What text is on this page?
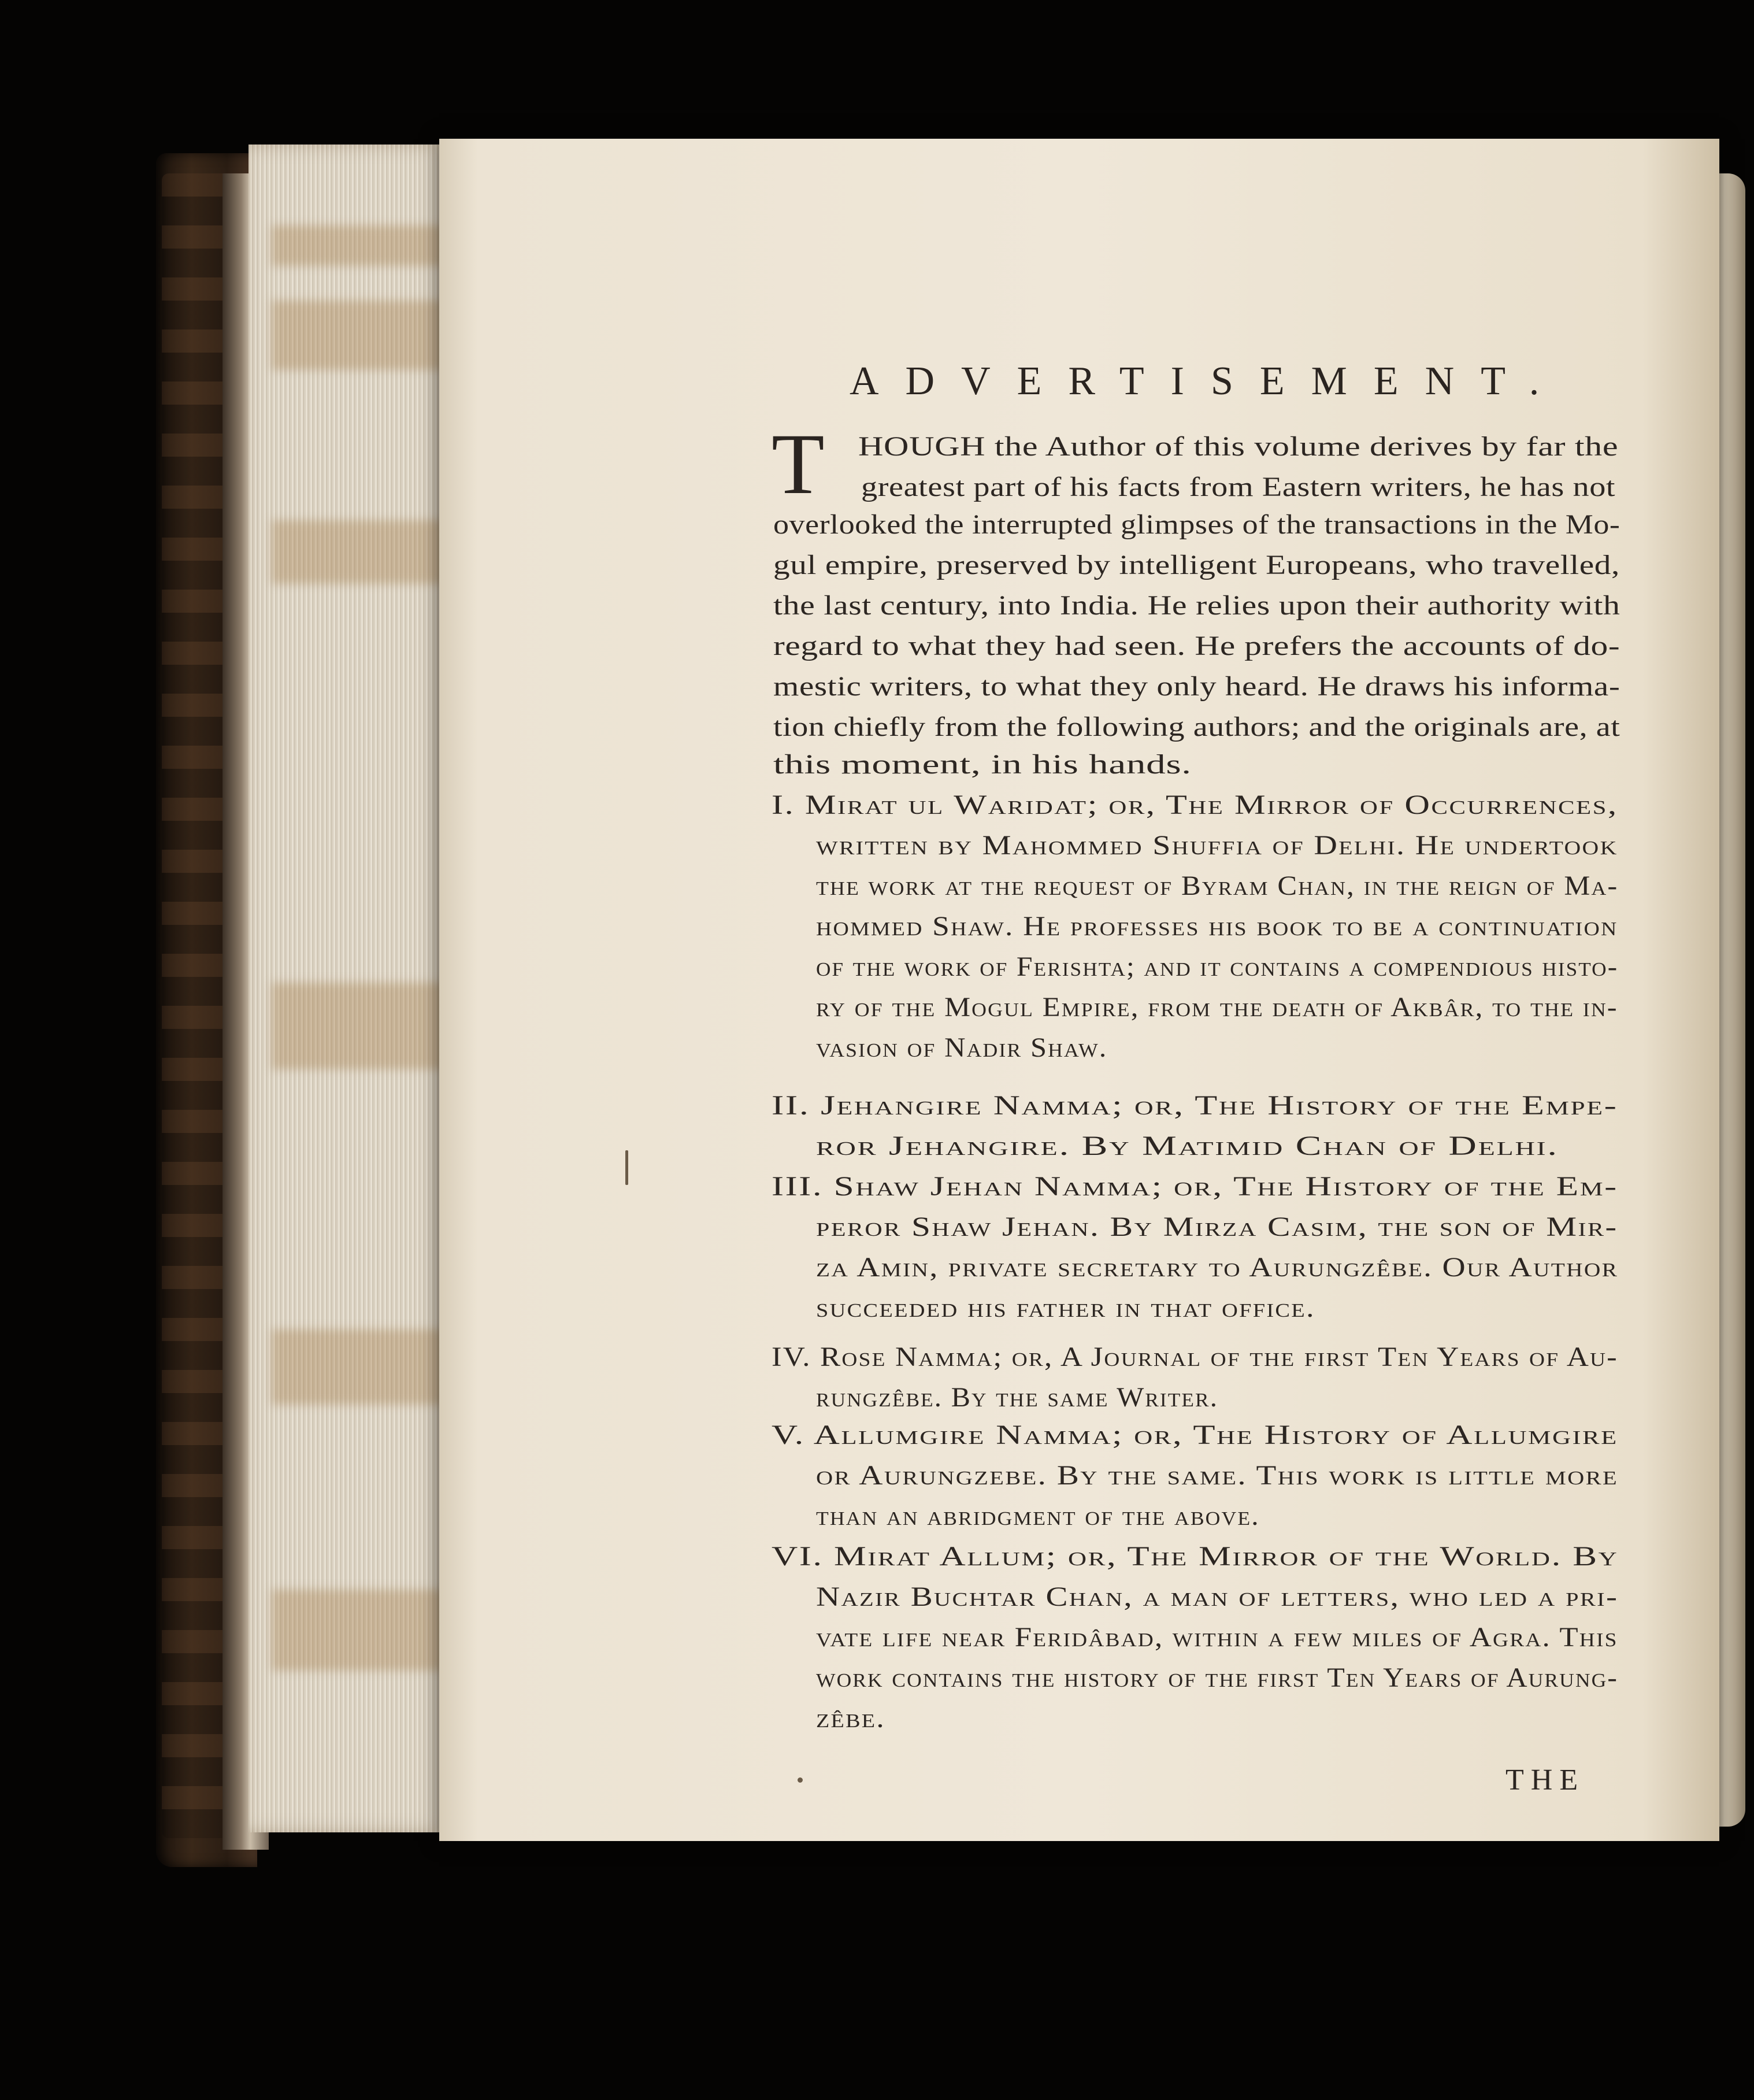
ADVERTISEMENT.
T HOUGH the Author of this volume derives by far the
greatest part of his facts from Eastern writers, he has not
overlooked the interrupted glimpses of the transactions in the Mo-
gul empire, preserved by intelligent Europeans, who travelled,
the last century, into India. He relies upon their authority with
regard to what they had seen. He prefers the accounts of do-
mestic writers, to what they only heard. He draws his informa-
tion chiefly from the following authors; and the originals are, at
this moment, in his hands.
I. Mirat ul Waridat; or, The Mirror of Occurrences,
written by Mahommed Shuffia of Delhi. He undertook
the work at the request of Byram Chan, in the reign of Ma-
hommed Shaw. He professes his book to be a continuation
of the work of Ferishta; and it contains a compendious histo-
ry of the Mogul Empire, from the death of Akbâr, to the in-
vasion of Nadir Shaw.
II. Jehangire Namma; or, The History of the Empe-
ror Jehangire. By Matimid Chan of Delhi.
III. Shaw Jehan Namma; or, The History of the Em-
peror Shaw Jehan. By Mirza Casim, the son of Mir-
za Amin, private secretary to Aurungzêbe. Our Author
succeeded his father in that office.
IV. Rose Namma; or, A Journal of the first Ten Years of Au-
rungzêbe. By the same Writer.
V. Allumgire Namma; or, The History of Allumgire
or Aurungzebe. By the same. This work is little more
than an abridgment of the above.
VI. Mirat Allum; or, The Mirror of the World. By
Nazir Buchtar Chan, a man of letters, who led a pri-
vate life near Feridâbad, within a few miles of Agra. This
work contains the history of the first Ten Years of Aurung-
zêbe.
THE
